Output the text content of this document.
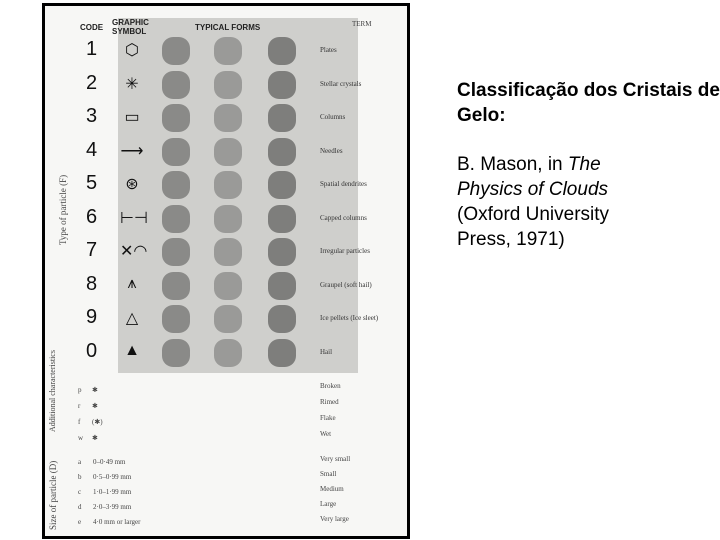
CODE
GRAPHIC
SYMBOL	TYPICAL FORMS	TERM
Type of particle (F)
Additional characteristics
Size of particle (D)
1	⬡	Plates
2	✳	Stellar crystals
3 ▭	Columns
4 ⟶	Needles
5	⊛	Spatial dendrites
6 ⊢⊣	Capped columns
7 ✕◠	Irregular particles
8	⩚	Graupel (soft hail)
9	△	Ice pellets (Ice sleet)
0 ▲	Hail
p ✱	Broken
r ✱	Rimed
f (✱)	Flake
w ✱	Wet
a 0–0·49 mm	Very small
b 0·5–0·99 mm	Small
c 1·0–1·99 mm	Medium
d 2·0–3·99 mm	Large
e 4·0 mm or larger	Very large
Classificação dos Cristais de Gelo:
B. Mason, in The Physics of Clouds (Oxford University Press, 1971)
